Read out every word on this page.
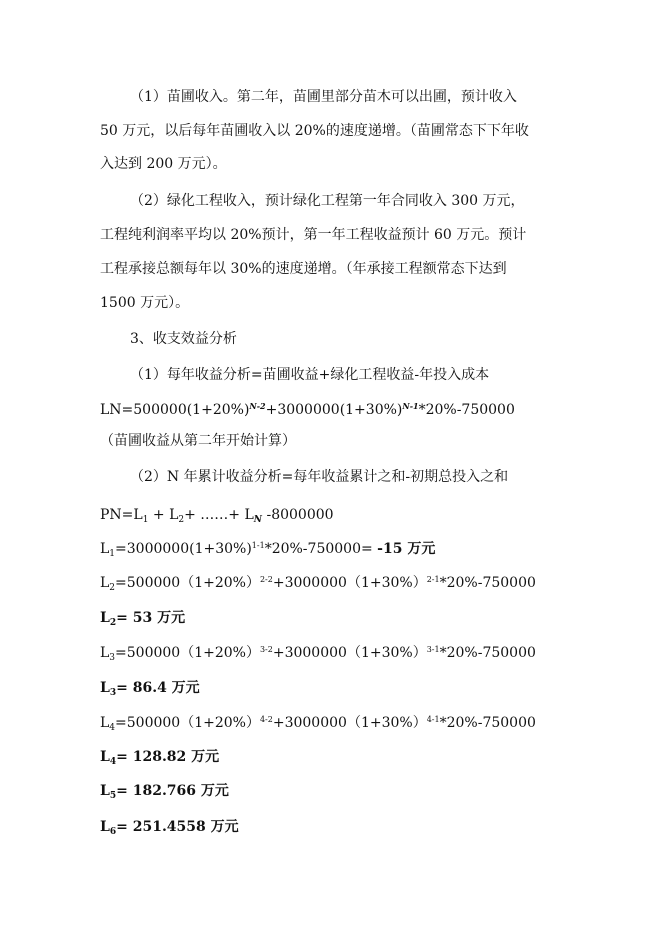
（1）苗圃收入。第二年，苗圃里部分苗木可以出圃，预计收入
50 万元，以后每年苗圃收入以 20%的速度递增。（苗圃常态下下年收
入达到 200 万元）。
（2）绿化工程收入，预计绿化工程第一年合同收入 300 万元，
工程纯利润率平均以 20%预计，第一年工程收益预计 60 万元。预计
工程承接总额每年以 30%的速度递增。（年承接工程额常态下达到
1500 万元）。
3、收支效益分析
（1）每年收益分析=苗圃收益+绿化工程收益-年投入成本
$LN=500000(1+20\%)^{N-2}+3000000(1+30\%)^{N-1}*20\%-750000$
（苗圃收益从第二年开始计算）
（2）N 年累计收益分析=每年收益累计之和-初期总投入之和
$PN=L_1 + L_2+$ ……+ $L_N$ -8000000
$L_1=3000000(1+30\%)^{1-1}*20\%-750000= -15$ 万元
$L_2=500000(1+20\%)^{2-2}+3000000(1+30\%)^{2-1}*20\%-750000$
$L_2= 53$ 万元
$L_3=500000(1+20\%)^{3-2}+3000000(1+30\%)^{3-1}*20\%-750000$
$L_3= 86.4$ 万元
$L_4=500000(1+20\%)^{4-2}+3000000(1+30\%)^{4-1}*20\%-750000$
$L_4= 128.82$ 万元
$L_5= 182.766$ 万元
$L_6= 251.4558$ 万元
